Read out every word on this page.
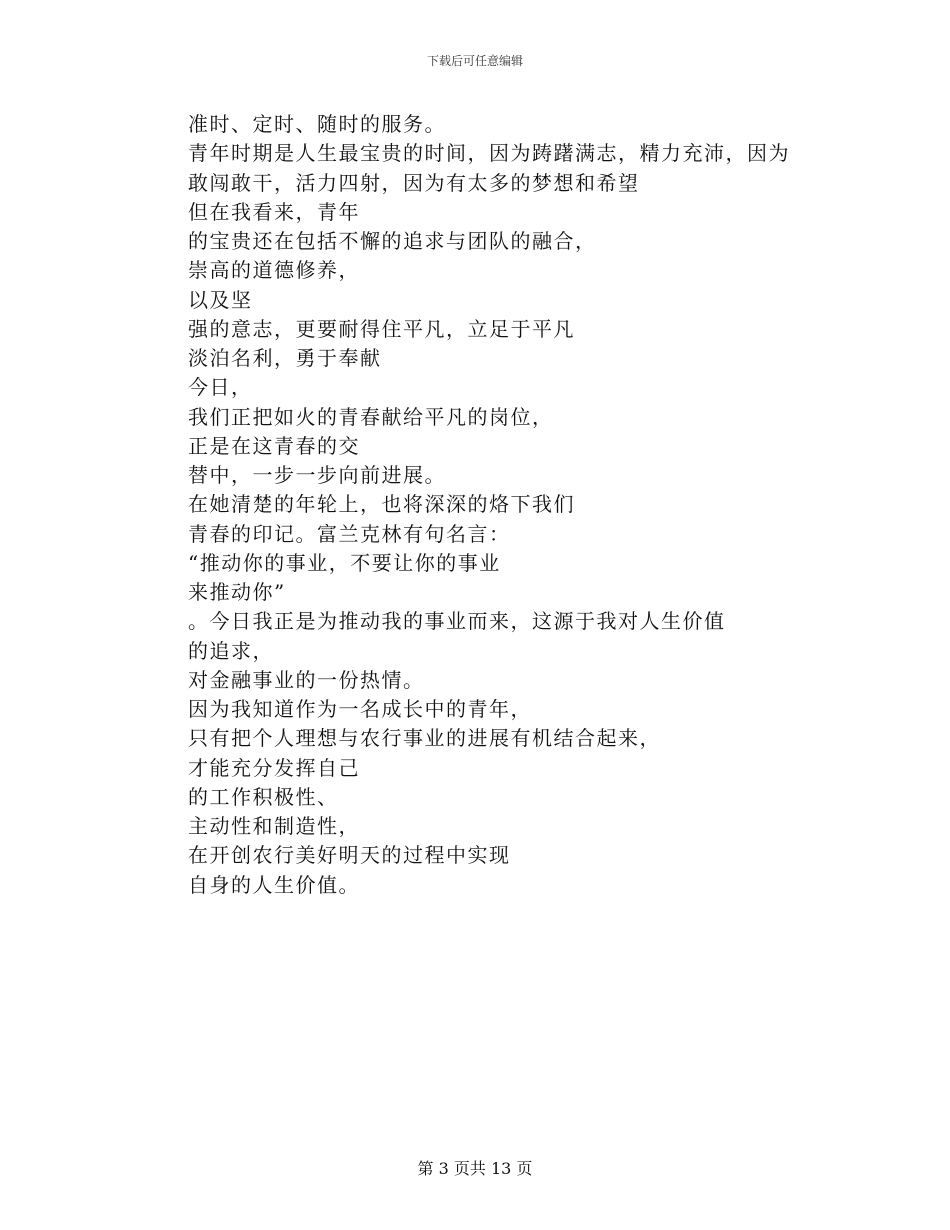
下载后可任意编辑
准时、定时、随时的服务。
青年时期是人生最宝贵的时间，因为踌躇满志，精力充沛，因为
敢闯敢干，活力四射，因为有太多的梦想和希望
但在我看来，青年
的宝贵还在包括不懈的追求与团队的融合，
崇高的道德修养，
以及坚
强的意志，更要耐得住平凡，立足于平凡
淡泊名利，勇于奉献
今日，
我们正把如火的青春献给平凡的岗位，
正是在这青春的交
替中，一步一步向前进展。
在她清楚的年轮上，也将深深的烙下我们
青春的印记。富兰克林有句名言：
“推动你的事业，不要让你的事业
来推动你”
。今日我正是为推动我的事业而来，这源于我对人生价值
的追求，
对金融事业的一份热情。
因为我知道作为一名成长中的青年，
只有把个人理想与农行事业的进展有机结合起来，
才能充分发挥自己
的工作积极性、
主动性和制造性，
在开创农行美好明天的过程中实现
自身的人生价值。
第 3 页共 13 页
